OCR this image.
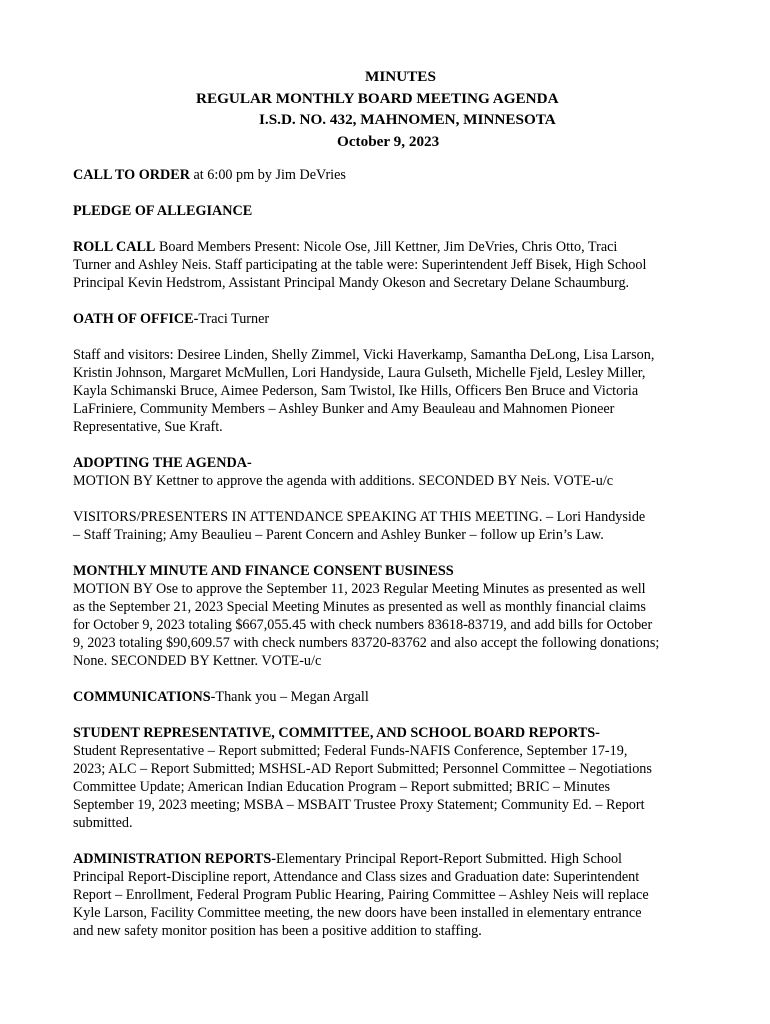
MINUTES
REGULAR MONTHLY BOARD MEETING AGENDA
I.S.D. NO. 432, MAHNOMEN, MINNESOTA
October 9, 2023

CALL TO ORDER at 6:00 pm by Jim DeVries

PLEDGE OF ALLEGIANCE

ROLL CALL Board Members Present: Nicole Ose, Jill Kettner, Jim DeVries, Chris Otto, Traci
Turner and Ashley Neis. Staff participating at the table were: Superintendent Jeff Bisek, High School
Principal Kevin Hedstrom, Assistant Principal Mandy Okeson and Secretary Delane Schaumburg.

OATH OF OFFICE-Traci Turner

Staff and visitors: Desiree Linden, Shelly Zimmel, Vicki Haverkamp, Samantha DeLong, Lisa Larson,
Kristin Johnson, Margaret McMullen, Lori Handyside, Laura Gulseth, Michelle Fjeld, Lesley Miller,
Kayla Schimanski Bruce, Aimee Pederson, Sam Twistol, Ike Hills, Officers Ben Bruce and Victoria
LaFriniere, Community Members – Ashley Bunker and Amy Beauleau and Mahnomen Pioneer
Representative, Sue Kraft.

ADOPTING THE AGENDA-
MOTION BY Kettner to approve the agenda with additions. SECONDED BY Neis. VOTE-u/c

VISITORS/PRESENTERS IN ATTENDANCE SPEAKING AT THIS MEETING. – Lori Handyside
– Staff Training; Amy Beaulieu – Parent Concern and Ashley Bunker – follow up Erin’s Law.

MONTHLY MINUTE AND FINANCE CONSENT BUSINESS
MOTION BY Ose to approve the September 11, 2023 Regular Meeting Minutes as presented as well
as the September 21, 2023 Special Meeting Minutes as presented as well as monthly financial claims
for October 9, 2023 totaling $667,055.45 with check numbers 83618-83719, and add bills for October
9, 2023 totaling $90,609.57 with check numbers 83720-83762 and also accept the following donations;
None. SECONDED BY Kettner. VOTE-u/c

COMMUNICATIONS-Thank you – Megan Argall

STUDENT REPRESENTATIVE, COMMITTEE, AND SCHOOL BOARD REPORTS-
Student Representative – Report submitted; Federal Funds-NAFIS Conference, September 17-19,
2023; ALC – Report Submitted; MSHSL-AD Report Submitted; Personnel Committee – Negotiations
Committee Update; American Indian Education Program – Report submitted; BRIC – Minutes
September 19, 2023 meeting; MSBA – MSBAIT Trustee Proxy Statement; Community Ed. – Report
submitted.

ADMINISTRATION REPORTS-Elementary Principal Report-Report Submitted. High School
Principal Report-Discipline report, Attendance and Class sizes and Graduation date: Superintendent
Report – Enrollment, Federal Program Public Hearing, Pairing Committee – Ashley Neis will replace
Kyle Larson, Facility Committee meeting, the new doors have been installed in elementary entrance
and new safety monitor position has been a positive addition to staffing.
